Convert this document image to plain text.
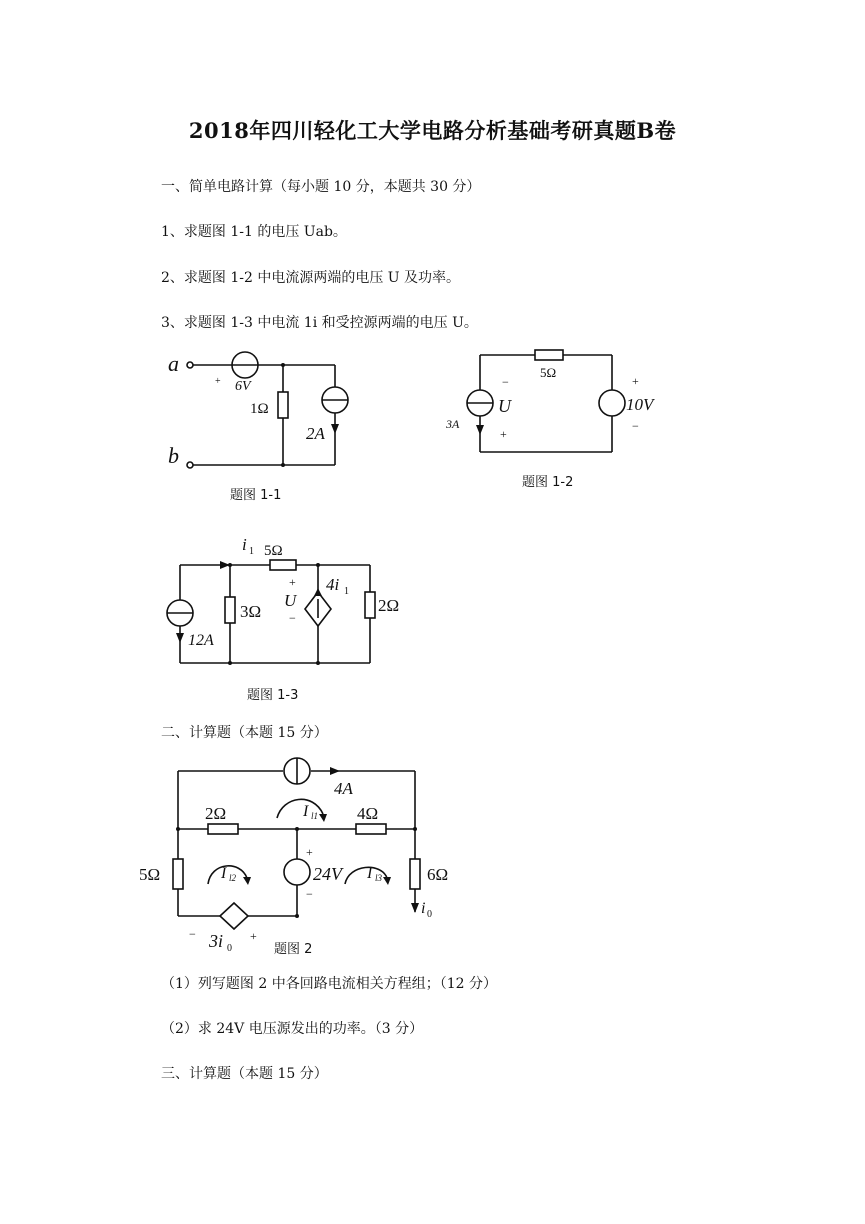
2018年四川轻化工大学电路分析基础考研真题B卷
一、简单电路计算（每小题 10 分，本题共 30 分）
1、求题图 1-1 的电压 Uab。
2、求题图 1-2 中电流源两端的电压 U 及功率。
3、求题图 1-3 中电流 1i 和受控源两端的电压 U。
a
b
+ 6V
1Ω
2A
题图 1-1
5Ω
−
U
+
3A
+
10V
−
题图 1-2
i 1 5Ω
3Ω	2Ω
12A
4i 1
U
+
−
题图 1-3
二、计算题（本题 15 分）
4A
2Ω	4Ω
5Ω	6Ω
24V
+
−
I l1
I l2	I l3
i 0
− 3i 0
+
题图 2
（1）列写题图 2 中各回路电流相关方程组；（12 分）
（2）求 24V 电压源发出的功率。（3 分）
三、计算题（本题 15 分）
